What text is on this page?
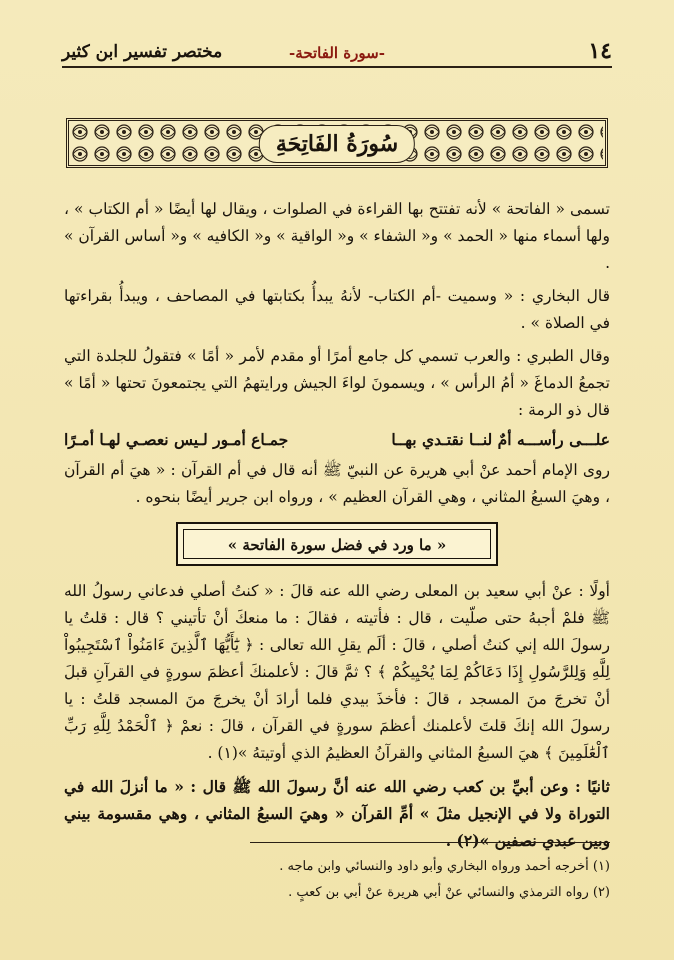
١٤
-سورة الفاتحة-
مختصر تفسير ابن كثير
سُورَةُ الفَاتِحَةِ

تسمى « الفاتحة » لأنه تفتتح بها القراءة في الصلوات ، ويقال لها أيضًا « أم الكتاب » ، ولها أسماء منها « الحمد » و« الشفاء » و« الواقية » و« الكافيه » و« أساس القرآن » .

قال البخاري : « وسميت -أم الكتاب- لأنهُ يبدأُ بكتابتها في المصاحف ، ويبدأُ بقراءتها في الصلاة » .

وقال الطبري : والعرب تسمي كل جامع أمرًا أو مقدم لأمر « أمًا » فتقولُ للجلدة التي تجمعُ الدماغَ « أمُ الرأس » ، ويسمونَ لواءَ الجيش ورايتهمُ التي يجتمعونَ تحتها « أمًا » قال ذو الرمة :

علـــى رأســـه أمٌ لنــا نقتـدي بهــا
جمـاع أمـور لـيس نعصـي لهـا أمـرًا

روى الإمام أحمد عنْ أبي هريرة عن النبيّ ﷺ أنه قال في أم القرآن : « هيَ أم القرآن ، وهيَ السبعُ المثاني ، وهي القرآن العظيم » ، ورواه ابن جرير أيضًا بنحوه .

« ما ورد في فضل سورة الفاتحة »

أولًا : عنْ أبي سعيد بن المعلى رضي الله عنه قالَ : « كنتُ أصلي فدعاني رسولُ الله ﷺ فلمْ أجبهُ حتى صلّيت ، قال : فأتيته ، فقالَ : ما منعكَ أنْ تأتيني ؟ قال : قلتُ يا رسولَ الله إني كنتُ أصلي ، قالَ : ألَم يقلِ الله تعالى : ﴿ يَٰٓأَيُّهَا ٱلَّذِينَ ءَامَنُواْ ٱسْتَجِيبُواْ لِلَّهِ وَلِلرَّسُولِ إِذَا دَعَاكُمْ لِمَا يُحْيِيكُمْ ﴾ ؟ ثمَّ قالَ : لأعلمنكَ أعظمَ سورةٍ في القرآنِ قبلَ أنْ تخرجَ منَ المسجد ، قالَ : فأخذَ بيدي فلما أرادَ أنْ يخرجَ منَ المسجد قلتُ : يا رسولَ الله إنكَ قلتَ لأعلمنك أعظمَ سورةٍ في القرآن ، قالَ : نعمْ ﴿ ٱلْحَمْدُ لِلَّهِ رَبِّ ٱلْعَٰلَمِينَ ﴾ هيَ السبعُ المثاني والقرآنُ العظيمُ الذي أوتيتهُ »(١) .

ثانيًا : وعن أبيِّ بن كعب رضي الله عنه أنَّ رسولَ الله ﷺ قال : « ما أنزلَ الله في التوراة ولا في الإنجيل مثلَ » أمِّ القرآن « وهيَ السبعُ المثاني ، وهي مقسومة بيني وبين عبدي نصفين »(٢) .

(١) أخرجه أحمد ورواه البخاري وأبو داود والنسائي وابن ماجه .

(٢) رواه الترمذي والنسائي عنْ أبي هريرة عنْ أبي بن كعبٍ .
